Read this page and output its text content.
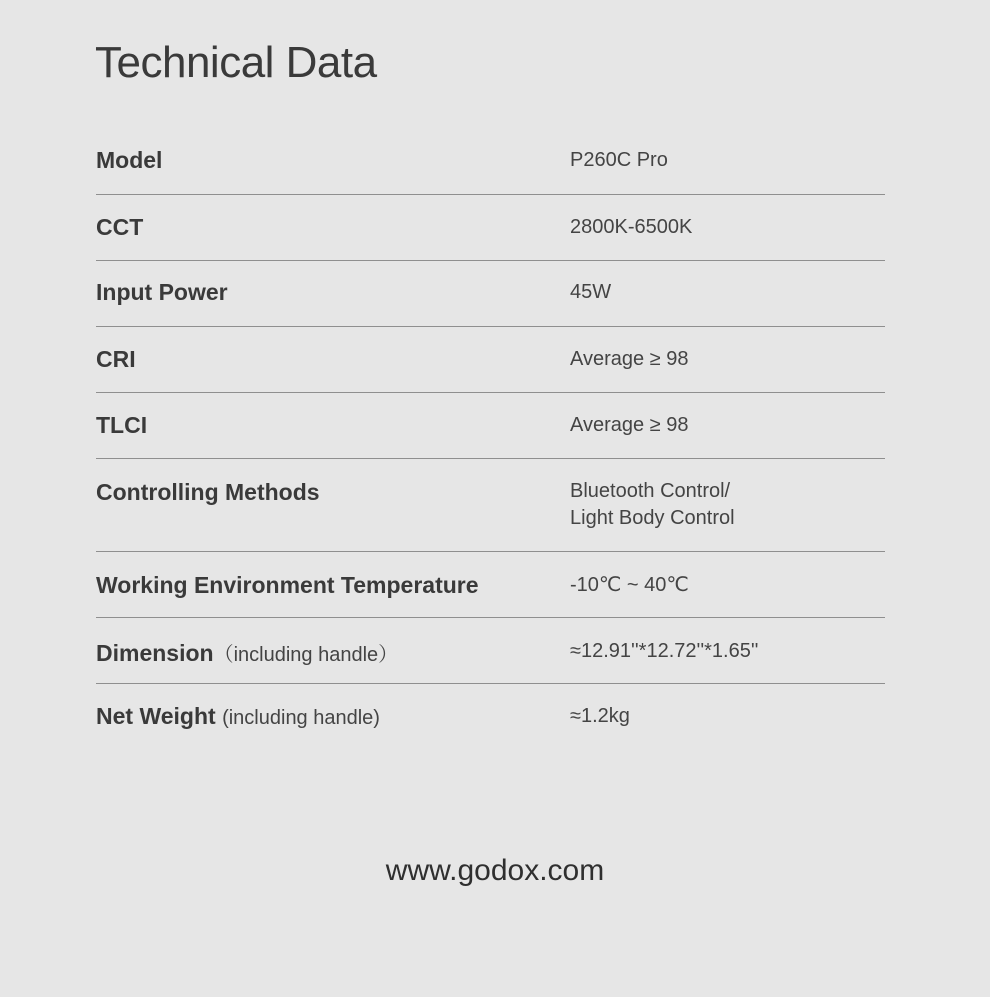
Technical Data
Model	P260C Pro
CCT	2800K-6500K
Input Power	45W
CRI	Average ≥ 98
TLCI	Average ≥ 98
Controlling Methods	Bluetooth Control/
Light Body Control
Working Environment Temperature	-10℃ ~ 40℃
Dimension（including handle）	≈12.91''*12.72''*1.65''
Net Weight (including handle)	≈1.2kg
www.godox.com
